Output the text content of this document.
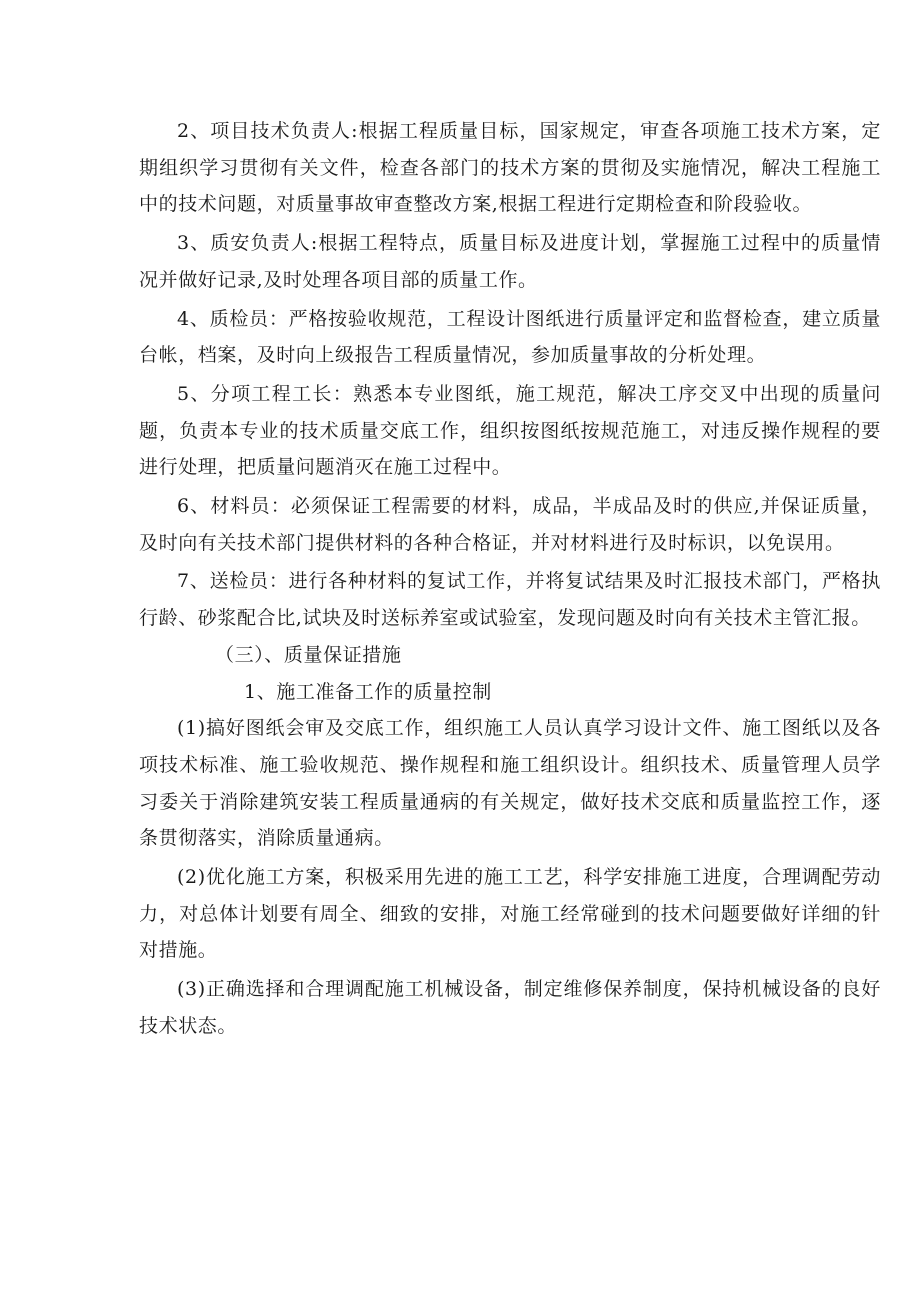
2、项目技术负责人:根据工程质量目标，国家规定，审查各项施工技术方案，定期组织学习贯彻有关文件，检查各部门的技术方案的贯彻及实施情况，解决工程施工中的技术问题，对质量事故审查整改方案,根据工程进行定期检查和阶段验收。

3、质安负责人:根据工程特点，质量目标及进度计划，掌握施工过程中的质量情况并做好记录,及时处理各项目部的质量工作。

4、质检员：严格按验收规范，工程设计图纸进行质量评定和监督检查，建立质量台帐，档案，及时向上级报告工程质量情况，参加质量事故的分析处理。

5、分项工程工长：熟悉本专业图纸，施工规范，解决工序交叉中出现的质量问题，负责本专业的技术质量交底工作，组织按图纸按规范施工，对违反操作规程的要进行处理，把质量问题消灭在施工过程中。

6、材料员：必须保证工程需要的材料，成品，半成品及时的供应,并保证质量，及时向有关技术部门提供材料的各种合格证，并对材料进行及时标识，以免误用。

7、送检员：进行各种材料的复试工作，并将复试结果及时汇报技术部门，严格执行龄、砂浆配合比,试块及时送标养室或试验室，发现问题及时向有关技术主管汇报。

（三）、质量保证措施

1、施工准备工作的质量控制

(1)搞好图纸会审及交底工作，组织施工人员认真学习设计文件、施工图纸以及各项技术标准、施工验收规范、操作规程和施工组织设计。组织技术、质量管理人员学习委关于消除建筑安装工程质量通病的有关规定，做好技术交底和质量监控工作，逐条贯彻落实，消除质量通病。

(2)优化施工方案，积极采用先进的施工工艺，科学安排施工进度，合理调配劳动力，对总体计划要有周全、细致的安排，对施工经常碰到的技术问题要做好详细的针对措施。

(3)正确选择和合理调配施工机械设备，制定维修保养制度，保持机械设备的良好技术状态。
